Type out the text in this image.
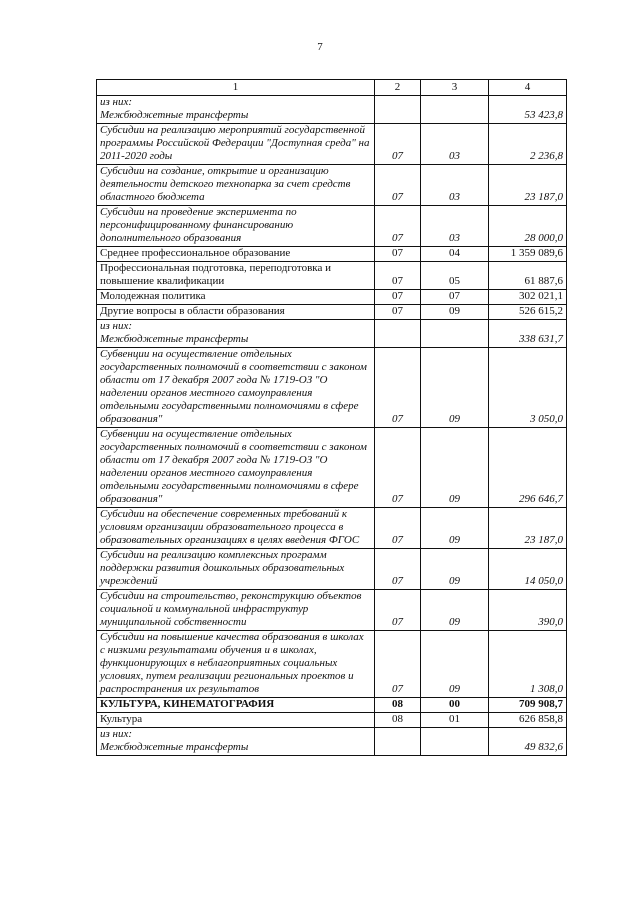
7
1	2	3	4

из них:
Межбюджетные трансферты			53 423,8

Субсидии на реализацию мероприятий государственной программы Российской Федерации "Доступная среда" на 2011-2020 годы	07	03	2 236,8

Субсидии на создание, открытие и организацию деятельности детского технопарка за счет средств областного бюджета	07	03	23 187,0

Субсидии на проведение эксперимента по персонифицированному финансированию дополнительного образования	07	03	28 000,0

Среднее профессиональное образование	07	04	1 359 089,6

Профессиональная подготовка, переподготовка и повышение квалификации	07	05	61 887,6

Молодежная политика	07	07	302 021,1

Другие вопросы в области образования	07	09	526 615,2

из них:
Межбюджетные трансферты			338 631,7

Субвенции на осуществление отдельных государственных полномочий в соответствии с законом области от 17 декабря 2007 года № 1719-ОЗ "О наделении органов местного самоуправления отдельными государственными полномочиями в сфере образования"	07	09	3 050,0

Субвенции на осуществление отдельных государственных полномочий в соответствии с законом области от 17 декабря 2007 года № 1719-ОЗ "О наделении органов местного самоуправления отдельными государственными полномочиями в сфере образования"	07	09	296 646,7

Субсидии на обеспечение современных требований к условиям организации образовательного процесса в образовательных организациях в целях введения ФГОС	07	09	23 187,0

Субсидии на реализацию комплексных программ поддержки развития дошкольных образовательных учреждений	07	09	14 050,0

Субсидии на строительство, реконструкцию объектов социальной и коммунальной инфраструктур муниципальной собственности	07	09	390,0

Субсидии на повышение качества образования в школах с низкими результатами обучения и в школах, функционирующих в неблагоприятных социальных условиях, путем реализации региональных проектов и распространения их результатов	07	09	1 308,0

КУЛЬТУРА, КИНЕМАТОГРАФИЯ	08	00	709 908,7

Культура	08	01	626 858,8

из них:
Межбюджетные трансферты			49 832,6
